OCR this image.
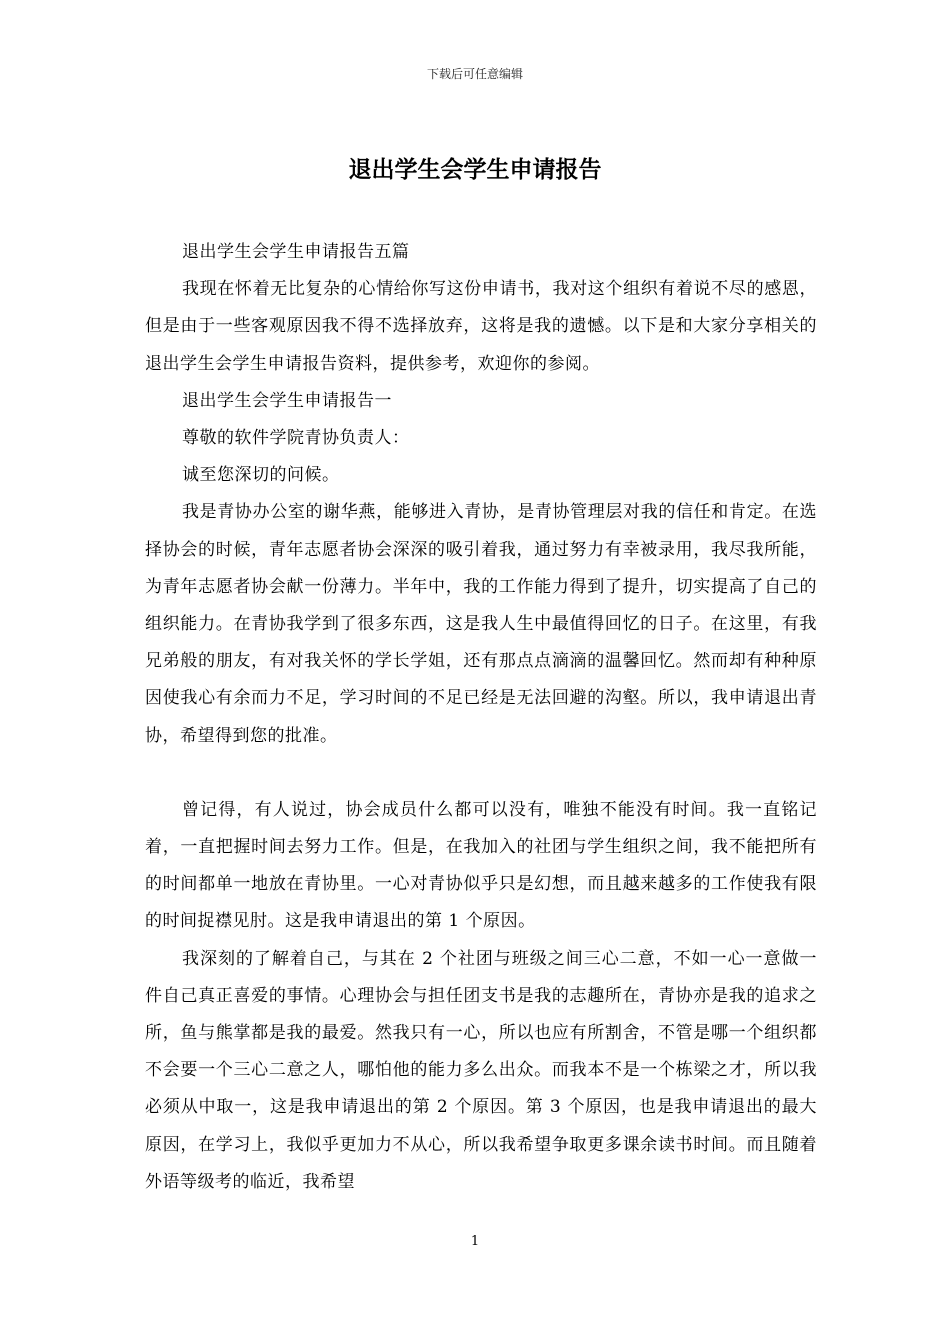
下载后可任意编辑
退出学生会学生申请报告

退出学生会学生申请报告五篇

我现在怀着无比复杂的心情给你写这份申请书，我对这个组织有着说不尽的感恩，但是由于一些客观原因我不得不选择放弃，这将是我的遗憾。以下是和大家分享相关的退出学生会学生申请报告资料，提供参考，欢迎你的参阅。

退出学生会学生申请报告一

尊敬的软件学院青协负责人：

诚至您深切的问候。

我是青协办公室的谢华燕，能够进入青协，是青协管理层对我的信任和肯定。在选择协会的时候，青年志愿者协会深深的吸引着我，通过努力有幸被录用，我尽我所能，为青年志愿者协会献一份薄力。半年中，我的工作能力得到了提升，切实提高了自己的组织能力。在青协我学到了很多东西，这是我人生中最值得回忆的日子。在这里，有我兄弟般的朋友，有对我关怀的学长学姐，还有那点点滴滴的温馨回忆。然而却有种种原因使我心有余而力不足，学习时间的不足已经是无法回避的沟壑。所以，我申请退出青协，希望得到您的批准。

曾记得，有人说过，协会成员什么都可以没有，唯独不能没有时间。我一直铭记着，一直把握时间去努力工作。但是，在我加入的社团与学生组织之间，我不能把所有的时间都单一地放在青协里。一心对青协似乎只是幻想，而且越来越多的工作使我有限的时间捉襟见肘。这是我申请退出的第 1 个原因。

我深刻的了解着自己，与其在 2 个社团与班级之间三心二意，不如一心一意做一件自己真正喜爱的事情。心理协会与担任团支书是我的志趣所在，青协亦是我的追求之所，鱼与熊掌都是我的最爱。然我只有一心，所以也应有所割舍，不管是哪一个组织都不会要一个三心二意之人，哪怕他的能力多么出众。而我本不是一个栋梁之才，所以我必须从中取一，这是我申请退出的第 2 个原因。第 3 个原因，也是我申请退出的最大原因，在学习上，我似乎更加力不从心，所以我希望争取更多课余读书时间。而且随着外语等级考的临近，我希望

1
